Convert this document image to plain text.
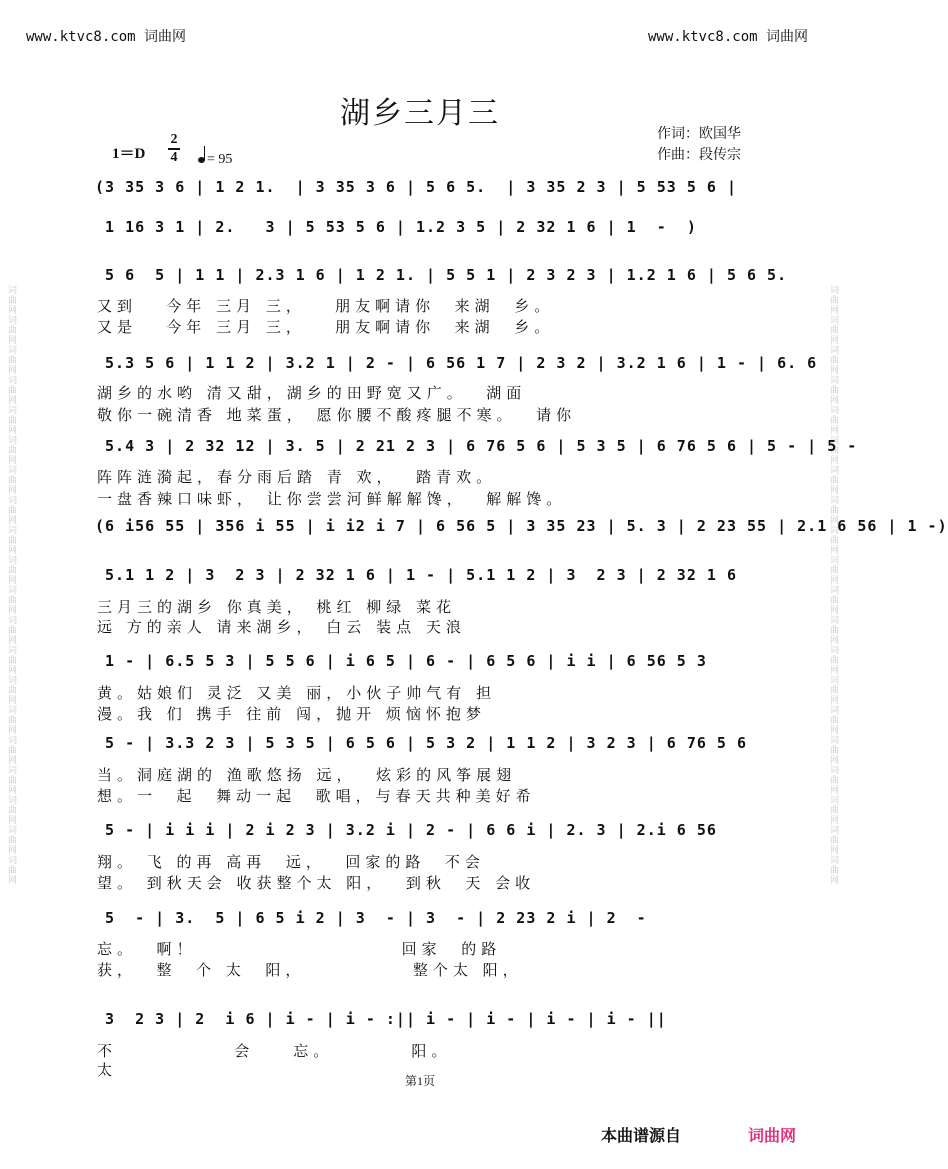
词曲网词曲网词曲网词曲网词曲网词曲网词曲网词曲网词曲网词曲网词曲网词曲网词曲网词曲网词曲网词曲网词曲网词曲网词曲网词曲网	词曲网词曲网词曲网词曲网词曲网词曲网词曲网词曲网词曲网词曲网词曲网词曲网词曲网词曲网词曲网词曲网词曲网词曲网词曲网词曲网
www.ktvc8.com 词曲网	www.ktvc8.com 词曲网
湖乡三月三
作词：欧国华
作曲：段传宗
1＝D
2
4	= 95
(3 35 3 6 | 1 2 1.  | 3 35 3 6 | 5 6 5.  | 3 35 2 3 | 5 53 5 6 |
1 16 3 1 | 2.   3 | 5 53 5 6 | 1.2 3 5 | 2 32 1 6 | 1  -  )
5 6  5 | 1 1 | 2.3 1 6 | 1 2 1. | 5 5 1 | 2 3 2 3 | 1.2 1 6 | 5 6 5.
又到   今年 三月 三，   朋友啊请你  来湖  乡。
又是   今年 三月 三，   朋友啊请你  来湖  乡。
5.3 5 6 | 1 1 2 | 3.2 1 | 2 - | 6 56 1 7 | 2 3 2 | 3.2 1 6 | 1 - | 6. 6
湖乡的水哟 清又甜，湖乡的田野宽又广。  湖面
敬你一碗清香 地菜蛋， 愿你腰不酸疼腿不寒。  请你
5.4 3 | 2 32 12 | 3. 5 | 2 21 2 3 | 6 76 5 6 | 5 3 5 | 6 76 5 6 | 5 - | 5 -
阵阵涟漪起，春分雨后踏 青 欢，  踏青欢。
一盘香辣口味虾， 让你尝尝河鲜解解馋，  解解馋。
(6 i56 55 | 356 i 55 | i i2 i 7 | 6 56 5 | 3 35 23 | 5. 3 | 2 23 55 | 2.1 6 56 | 1 -)
5.1 1 2 | 3  2 3 | 2 32 1 6 | 1 - | 5.1 1 2 | 3  2 3 | 2 32 1 6
三月三的湖乡 你真美， 桃红 柳绿 菜花
远 方的亲人 请来湖乡， 白云 装点 天浪
1 - | 6.5 5 3 | 5 5 6 | i 6 5 | 6 - | 6 5 6 | i i | 6 56 5 3
黄。姑娘们 灵泛 又美 丽，小伙子帅气有 担
漫。我 们 携手 往前 闯，抛开 烦恼怀抱梦
5 - | 3.3 2 3 | 5 3 5 | 6 5 6 | 5 3 2 | 1 1 2 | 3 2 3 | 6 76 5 6
当。洞庭湖的 渔歌悠扬 远，  炫彩的风筝展翅
想。一  起  舞动一起  歌唱，与春天共种美好希
5 - | i i i | 2 i 2 3 | 3.2 i | 2 - | 6 6 i | 2. 3 | 2.i 6 56
翔。 飞 的再 高再  远，  回家的路  不会
望。 到秋天会 收获整个太 阳，  到秋  天 会收
5  - | 3.  5 | 6 5 i 2 | 3  - | 3  - | 2 23 2 i | 2  -
忘。  啊！                     回家  的路
获，  整  个 太  阳，           整个太 阳，
3  2 3 | 2  i 6 | i - | i - :|| i - | i - | i - | i - ||
不            会    忘。        阳。
太
第1页
本曲谱源自	词曲网
